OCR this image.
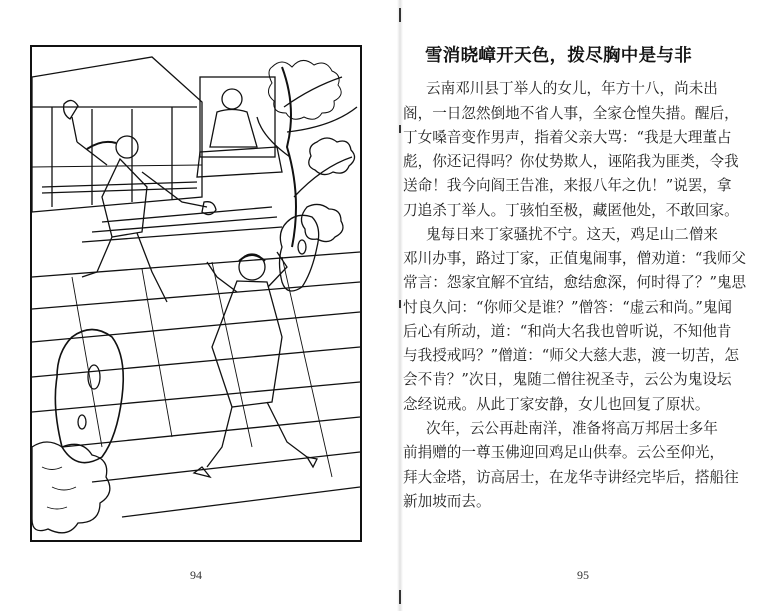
94
雪消晓嶂开天色，拨尽胸中是与非
云南邓川县丁举人的女儿，年方十八，尚未出
阁，一日忽然倒地不省人事，全家仓惶失措。醒后，
丁女嗓音变作男声，指着父亲大骂：“我是大理董占
彪，你还记得吗？你仗势欺人，诬陷我为匪类，令我
送命！我今向阎王告准，来报八年之仇！”说罢，拿
刀追杀丁举人。丁骇怕至极，藏匿他处，不敢回家。
鬼每日来丁家骚扰不宁。这天，鸡足山二僧来
邓川办事，路过丁家，正值鬼闹事，僧劝道：“我师父
常言：怨家宜解不宜结，愈结愈深，何时得了？”鬼思
忖良久问：“你师父是谁？”僧答：“虚云和尚。”鬼闻
后心有所动，道：“和尚大名我也曾听说，不知他肯
与我授戒吗？”僧道：“师父大慈大悲，渡一切苦，怎
会不肯？”次日，鬼随二僧往祝圣寺，云公为鬼设坛
念经说戒。从此丁家安静，女儿也回复了原状。
次年，云公再赴南洋，准备将高万邦居士多年
前捐赠的一尊玉佛迎回鸡足山供奉。云公至仰光，
拜大金塔，访高居士，在龙华寺讲经完毕后，搭船往
新加坡而去。
95
